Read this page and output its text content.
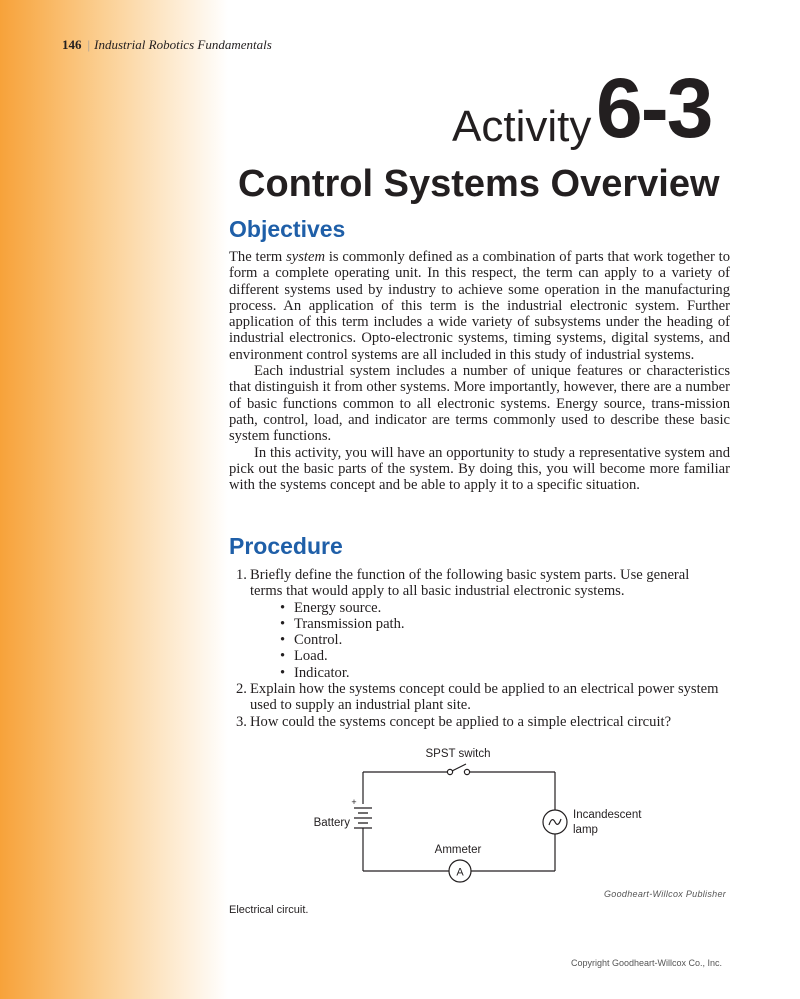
146 | Industrial Robotics Fundamentals
Activity 6-3
Control Systems Overview
Objectives

The term system is commonly defined as a combination of parts that work together to form a complete operating unit. In this respect, the term can apply to a variety of different systems used by industry to achieve some operation in the manufacturing process. An application of this term is the industrial electronic system. Further application of this term includes a wide variety of subsystems under the heading of industrial electronics. Opto-electronic systems, timing systems, digital systems, and environment control systems are all included in this study of industrial systems.

Each industrial system includes a number of unique features or characteristics that distinguish it from other systems. More importantly, however, there are a number of basic functions common to all electronic systems. Energy source, trans-mission path, control, load, and indicator are terms commonly used to describe these basic system functions.

In this activity, you will have an opportunity to study a representative system and pick out the basic parts of the system. By doing this, you will become more familiar with the systems concept and be able to apply it to a specific situation.

Procedure
1. Briefly define the function of the following basic system parts. Use general terms that would apply to all basic industrial electronic systems.
• Energy source.
• Transmission path.
• Control.
• Load.
• Indicator.
2. Explain how the systems concept could be applied to an electrical power system used to supply an industrial plant site.
3. How could the systems concept be applied to a simple electrical circuit?
SPST switch
+
Battery
Incandescent
lamp
A
Ammeter
Goodheart-Willcox Publisher
Electrical circuit.
Copyright Goodheart-Willcox Co., Inc.
